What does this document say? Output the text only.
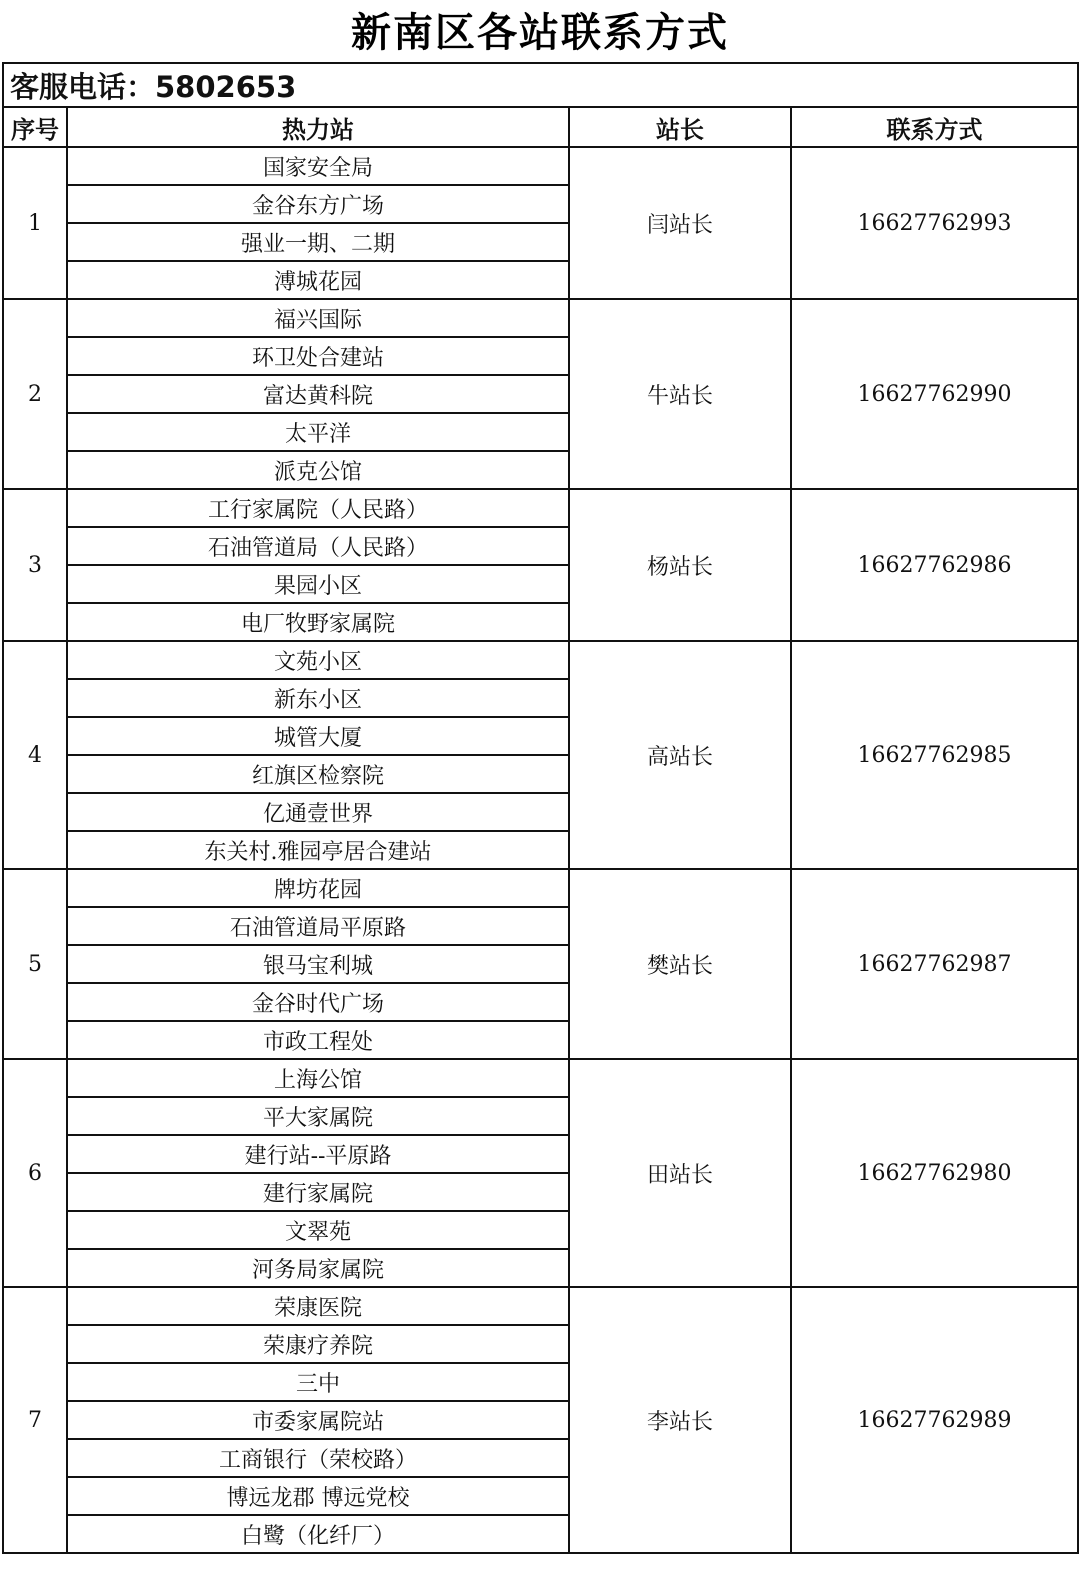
新南区各站联系方式
客服电话：5802653			
序号	热力站	站长	联系方式
1	国家安全局	闫站长	16627762993
	金谷东方广场		
	强业一期、二期		
	溥城花园		
2	福兴国际	牛站长	16627762990
	环卫处合建站		
	富达黄科院		
	太平洋		
	派克公馆		
3	工行家属院（人民路）	杨站长	16627762986
	石油管道局（人民路）		
	果园小区		
	电厂牧野家属院		
4	文苑小区	高站长	16627762985
	新东小区		
	城管大厦		
	红旗区检察院		
	亿通壹世界		
	东关村.雅园亭居合建站		
5	牌坊花园	樊站长	16627762987
	石油管道局平原路		
	银马宝利城		
	金谷时代广场		
	市政工程处		
6	上海公馆	田站长	16627762980
	平大家属院		
	建行站--平原路		
	建行家属院		
	文翠苑		
	河务局家属院		
7	荣康医院	李站长	16627762989
	荣康疗养院		
	三中		
	市委家属院站		
	工商银行（荣校路）		
	博远龙郡 博远党校		
	白鹭（化纤厂）		
